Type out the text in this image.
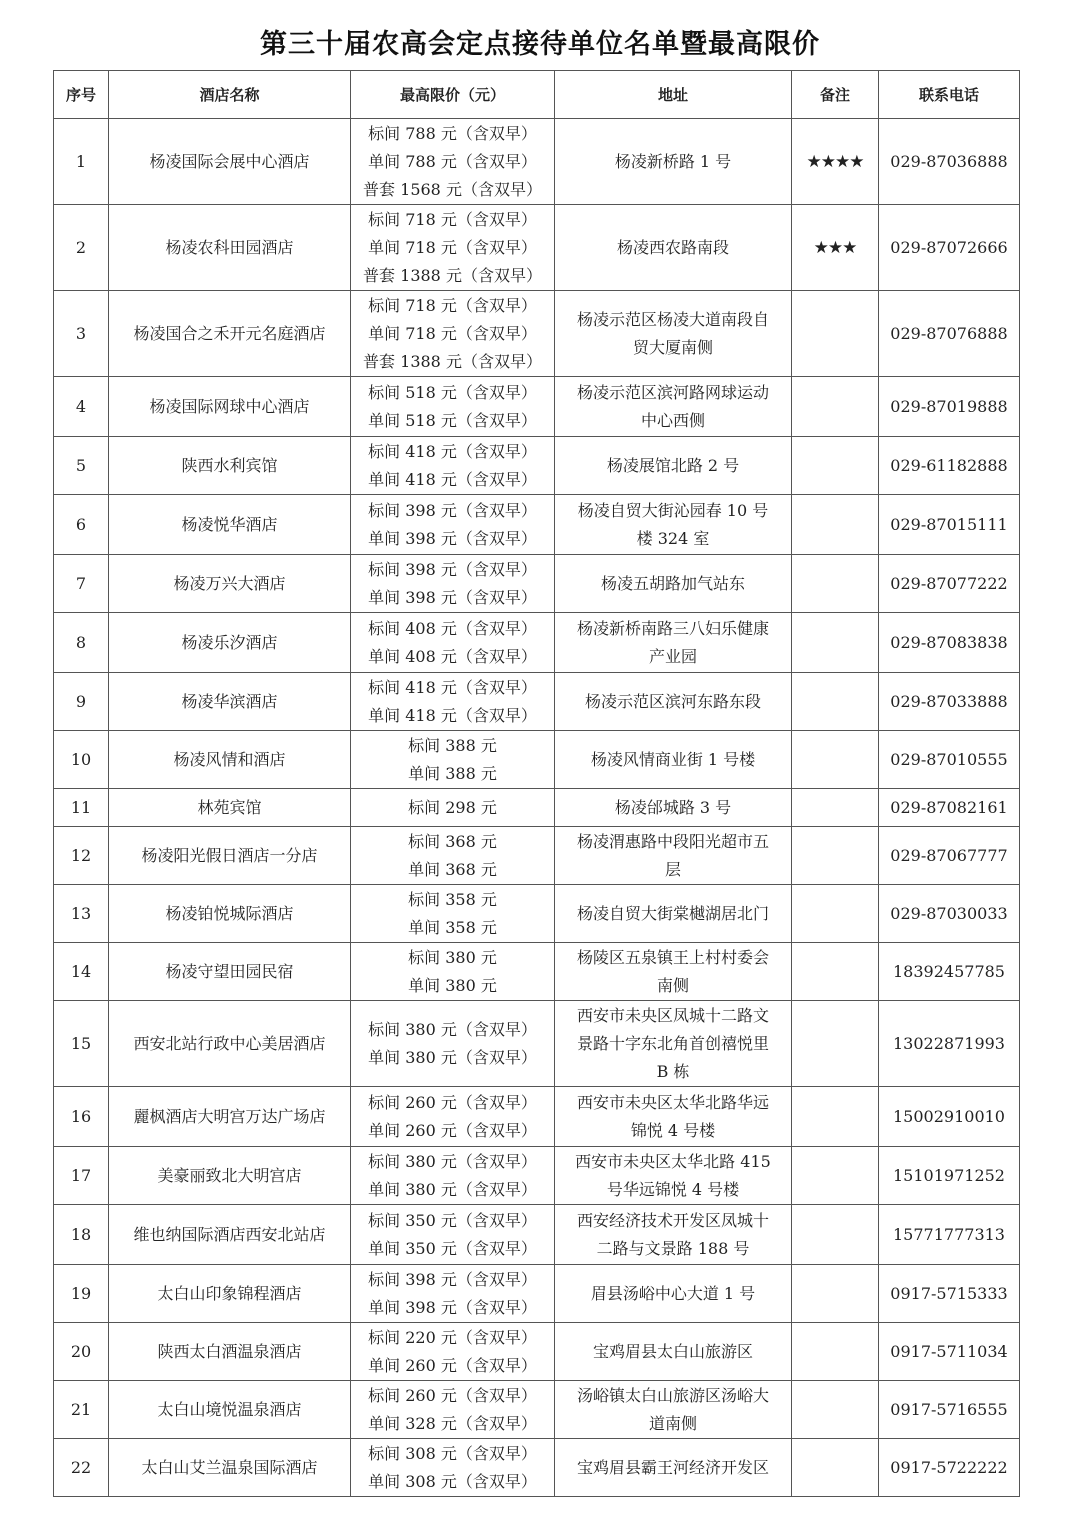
第三十届农高会定点接待单位名单暨最高限价
序号	酒店名称	最高限价（元）	地址	备注	联系电话
1	杨凌国际会展中心酒店	标间 788 元（含双早）
单间 788 元（含双早）
普套 1568 元（含双早）	杨凌新桥路 1 号	★★★★	029-87036888
2	杨凌农科田园酒店	标间 718 元（含双早）
单间 718 元（含双早）
普套 1388 元（含双早）	杨凌西农路南段	★★★	029-87072666
3	杨凌国合之禾开元名庭酒店	标间 718 元（含双早）
单间 718 元（含双早）
普套 1388 元（含双早）	杨凌示范区杨凌大道南段自
贸大厦南侧		029-87076888
4	杨凌国际网球中心酒店	标间 518 元（含双早）
单间 518 元（含双早）	杨凌示范区滨河路网球运动
中心西侧		029-87019888
5	陕西水利宾馆	标间 418 元（含双早）
单间 418 元（含双早）	杨凌展馆北路 2 号		029-61182888
6	杨凌悦华酒店	标间 398 元（含双早）
单间 398 元（含双早）	杨凌自贸大街沁园春 10 号
楼 324 室		029-87015111
7	杨凌万兴大酒店	标间 398 元（含双早）
单间 398 元（含双早）	杨凌五胡路加气站东		029-87077222
8	杨凌乐汐酒店	标间 408 元（含双早）
单间 408 元（含双早）	杨凌新桥南路三八妇乐健康
产业园		029-87083838
9	杨凌华滨酒店	标间 418 元（含双早）
单间 418 元（含双早）	杨凌示范区滨河东路东段		029-87033888
10	杨凌风情和酒店	标间 388 元
单间 388 元	杨凌风情商业街 1 号楼		029-87010555
11	林苑宾馆	标间 298 元	杨凌邰城路 3 号		029-87082161
12	杨凌阳光假日酒店一分店	标间 368 元
单间 368 元	杨凌渭惠路中段阳光超市五
层		029-87067777
13	杨凌铂悦城际酒店	标间 358 元
单间 358 元	杨凌自贸大街棠樾湖居北门		029-87030033
14	杨凌守望田园民宿	标间 380 元
单间 380 元	杨陵区五泉镇王上村村委会
南侧		18392457785
15	西安北站行政中心美居酒店	标间 380 元（含双早）
单间 380 元（含双早）	西安市未央区凤城十二路文
景路十字东北角首创禧悦里
B 栋		13022871993
16	麗枫酒店大明宫万达广场店	标间 260 元（含双早）
单间 260 元（含双早）	西安市未央区太华北路华远
锦悦 4 号楼		15002910010
17	美豪丽致北大明宫店	标间 380 元（含双早）
单间 380 元（含双早）	西安市未央区太华北路 415
号华远锦悦 4 号楼		15101971252
18	维也纳国际酒店西安北站店	标间 350 元（含双早）
单间 350 元（含双早）	西安经济技术开发区凤城十
二路与文景路 188 号		15771777313
19	太白山印象锦程酒店	标间 398 元（含双早）
单间 398 元（含双早）	眉县汤峪中心大道 1 号		0917-5715333
20	陕西太白酒温泉酒店	标间 220 元（含双早）
单间 260 元（含双早）	宝鸡眉县太白山旅游区		0917-5711034
21	太白山境悦温泉酒店	标间 260 元（含双早）
单间 328 元（含双早）	汤峪镇太白山旅游区汤峪大
道南侧		0917-5716555
22	太白山艾兰温泉国际酒店	标间 308 元（含双早）
单间 308 元（含双早）	宝鸡眉县霸王河经济开发区		0917-5722222
